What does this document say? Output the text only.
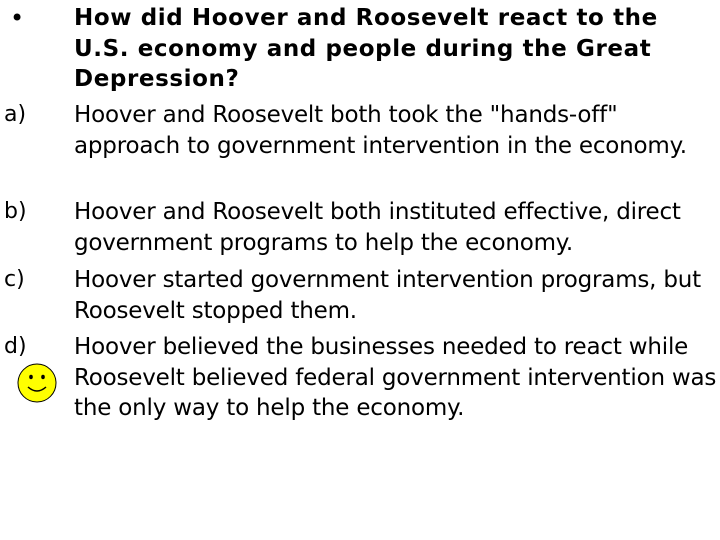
• How did Hoover and Roosevelt react to the U.S. economy and people during the Great Depression?
a) Hoover and Roosevelt both took the "hands-off" approach to government intervention in the economy.
b) Hoover and Roosevelt both instituted effective, direct government programs to help the economy.
c) Hoover started government intervention programs, but Roosevelt stopped them.
d) Hoover believed the businesses needed to react while Roosevelt believed federal government intervention was the only way to help the economy.
